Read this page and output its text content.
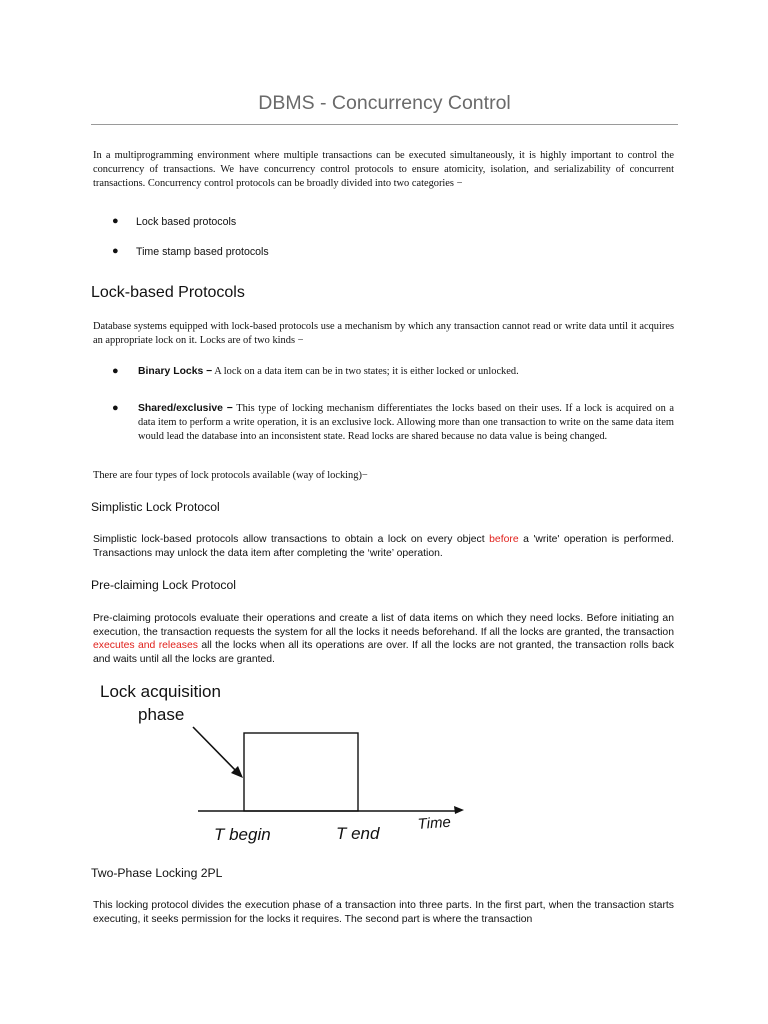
DBMS - Concurrency Control

In a multiprogramming environment where multiple transactions can be executed simultaneously, it is highly important to control the concurrency of transactions. We have concurrency control protocols to ensure atomicity, isolation, and serializability of concurrent transactions. Concurrency control protocols can be broadly divided into two categories −

● Lock based protocols
● Time stamp based protocols
Lock-based Protocols

Database systems equipped with lock-based protocols use a mechanism by which any transaction cannot read or write data until it acquires an appropriate lock on it. Locks are of two kinds −

● Binary Locks − A lock on a data item can be in two states; it is either locked or unlocked.
● Shared/exclusive − This type of locking mechanism differentiates the locks based on their uses. If a lock is acquired on a data item to perform a write operation, it is an exclusive lock. Allowing more than one transaction to write on the same data item would lead the database into an inconsistent state. Read locks are shared because no data value is being changed.

There are four types of lock protocols available (way of locking)−

Simplistic Lock Protocol

Simplistic lock-based protocols allow transactions to obtain a lock on every object before a 'write' operation is performed. Transactions may unlock the data item after completing the ‘write’ operation.

Pre-claiming Lock Protocol

Pre-claiming protocols evaluate their operations and create a list of data items on which they need locks. Before initiating an execution, the transaction requests the system for all the locks it needs beforehand. If all the locks are granted, the transaction executes and releases all the locks when all its operations are over. If all the locks are not granted, the transaction rolls back and waits until all the locks are granted.

Lock acquisition
phase
T begin	T end
Time
Two-Phase Locking 2PL

This locking protocol divides the execution phase of a transaction into three parts. In the first part, when the transaction starts executing, it seeks permission for the locks it requires. The second part is where the transaction
